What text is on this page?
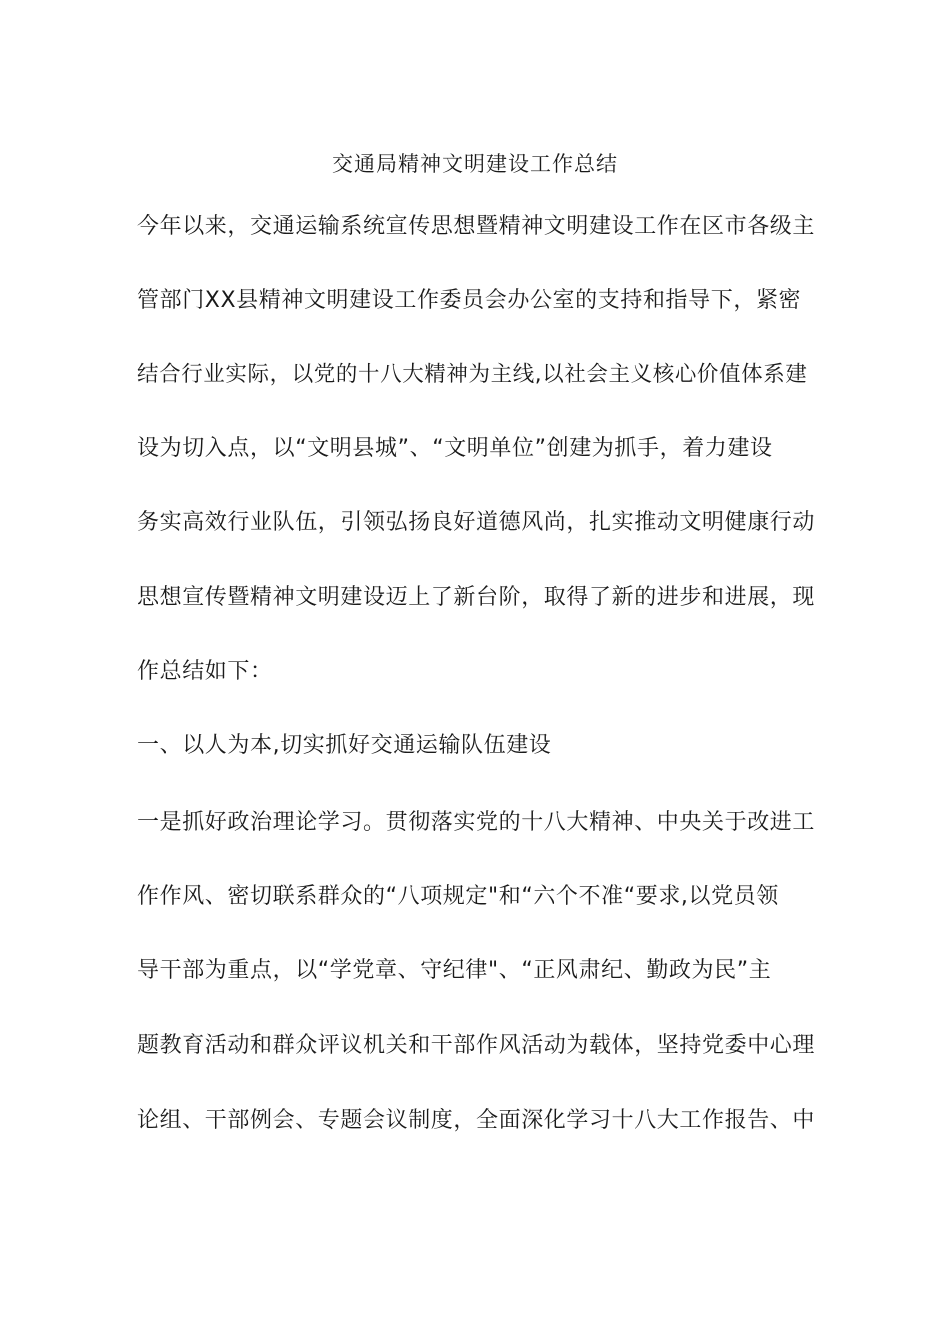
交通局精神文明建设工作总结
今年以来，交通运输系统宣传思想暨精神文明建设工作在区市各级主
管部门XX县精神文明建设工作委员会办公室的支持和指导下，紧密
结合行业实际，以党的十八大精神为主线,以社会主义核心价值体系建
设为切入点，以“文明县城”、“文明单位”创建为抓手，着力建设
务实高效行业队伍，引领弘扬良好道德风尚，扎实推动文明健康行动
思想宣传暨精神文明建设迈上了新台阶，取得了新的进步和进展，现
作总结如下：
一、以人为本,切实抓好交通运输队伍建设
一是抓好政治理论学习。贯彻落实党的十八大精神、中央关于改进工
作作风、密切联系群众的“八项规定"和“六个不准“要求,以党员领
导干部为重点，以“学党章、守纪律"、“正风肃纪、勤政为民”主
题教育活动和群众评议机关和干部作风活动为载体，坚持党委中心理
论组、干部例会、专题会议制度，全面深化学习十八大工作报告、中
